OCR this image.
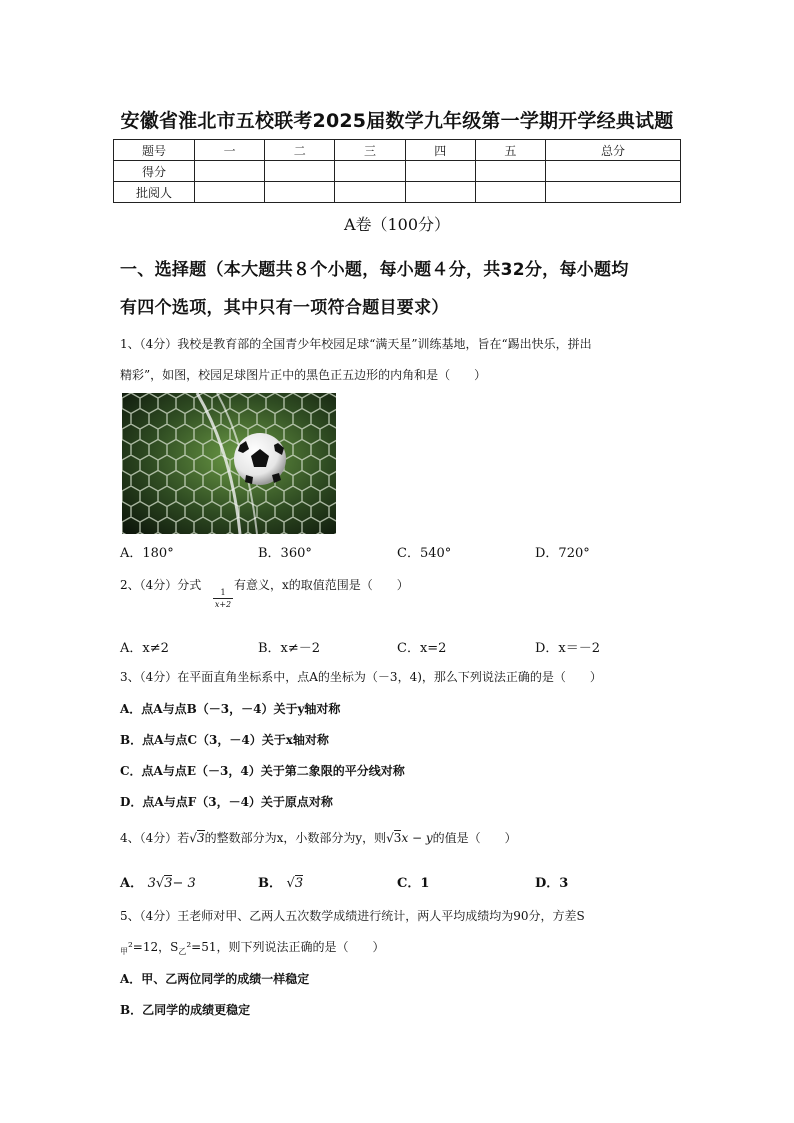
安徽省淮北市五校联考2025届数学九年级第一学期开学经典试题
题号	一	二	三	四	五	总分
得分						
批阅人						
A卷（100分）
一、选择题（本大题共８个小题，每小题４分，共32分，每小题均
有四个选项，其中只有一项符合题目要求）
1、（4分）我校是教育部的全国青少年校园足球“满天星”训练基地，旨在“踢出快乐，拼出
精彩”，如图，校园足球图片正中的黑色正五边形的内角和是（　　）
A．180°	B．360°	C．540°	D．720°
2、（4分）分式
1
x+2
有意义，x的取值范围是（　　）
A．x≠2	B．x≠－2	C．x=2	D．x＝－2
3、（4分）在平面直角坐标系中，点A的坐标为（－3，4)，那么下列说法正确的是（　　）
A．点A与点B（－3，－4）关于y轴对称
B．点A与点C（3，－4）关于x轴对称
C．点A与点E（－3，4）关于第二象限的平分线对称
D．点A与点F（3，－4）关于原点对称
4、（4分）若√3的整数部分为x，小数部分为y，则√3x − y的值是（　　）
A． 3√3− 3	B． √3	C．1	D．3
5、（4分）王老师对甲、乙两人五次数学成绩进行统计，两人平均成绩均为90分，方差S
$_甲$²=12，$S_乙^2=51$，则下列说法正确的是（　　）
A．甲、乙两位同学的成绩一样稳定
B．乙同学的成绩更稳定
